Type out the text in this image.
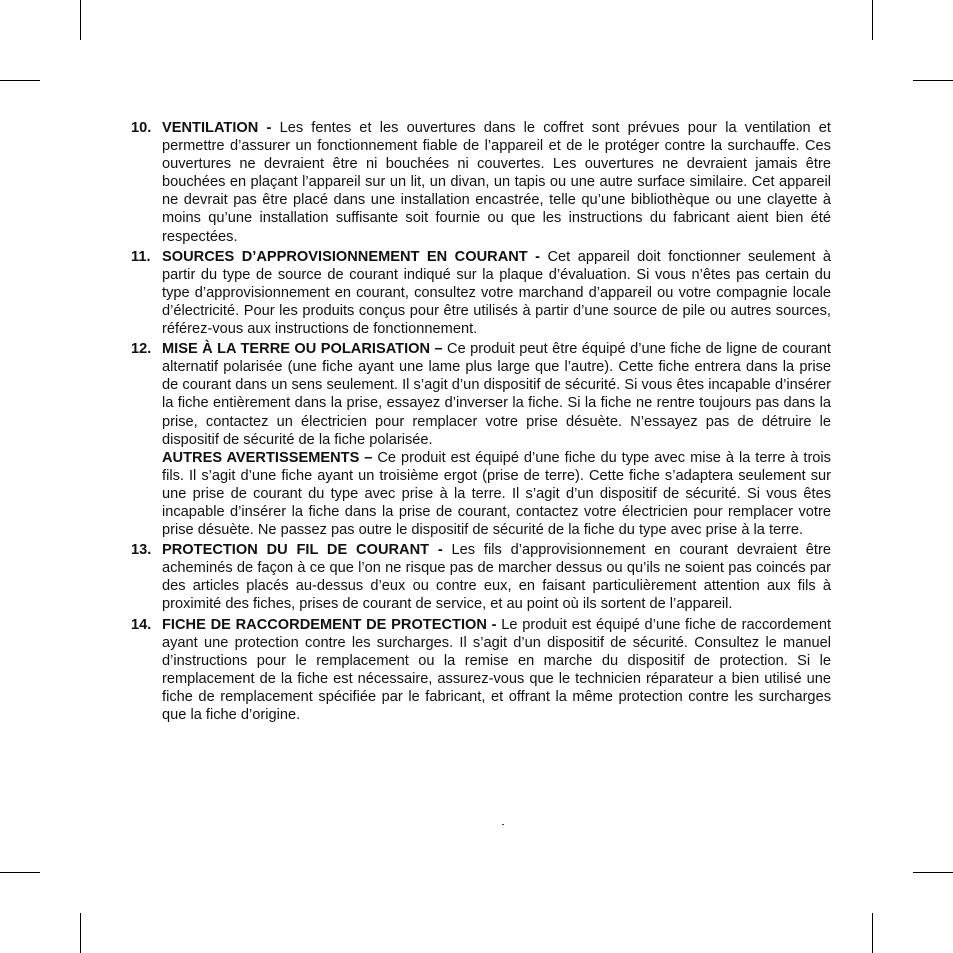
10. VENTILATION - Les fentes et les ouvertures dans le coffret sont prévues pour la ventilation et permettre d’assurer un fonctionnement fiable de l’appareil et de le protéger contre la surchauffe. Ces ouvertures ne devraient être ni bouchées ni couvertes. Les ouvertures ne devraient jamais être bouchées en plaçant l’appareil sur un lit, un divan, un tapis ou une autre surface similaire. Cet appareil ne devrait pas être placé dans une installation encastrée, telle qu’une bibliothèque ou une clayette à moins qu’une installation suffisante soit fournie ou que les instructions du fabricant aient bien été respectées.

11. SOURCES D’APPROVISIONNEMENT EN COURANT - Cet appareil doit fonctionner seulement à partir du type de source de courant indiqué sur la plaque d’évaluation. Si vous n’êtes pas certain du type d’approvisionnement en courant, consultez votre marchand d’appareil ou votre compagnie locale d’électricité. Pour les produits conçus pour être utilisés à partir d’une source de pile ou autres sources, référez-vous aux instructions de fonctionnement.

12. MISE À LA TERRE OU POLARISATION – Ce produit peut être équipé d’une fiche de ligne de courant alternatif polarisée (une fiche ayant une lame plus large que l’autre). Cette fiche entrera dans la prise de courant dans un sens seulement. Il s’agit d’un dispositif de sécurité. Si vous êtes incapable d’insérer la fiche entièrement dans la prise, essayez d’inverser la fiche. Si la fiche ne rentre toujours pas dans la prise, contactez un électricien pour remplacer votre prise désuète. N’essayez pas de détruire le dispositif de sécurité de la fiche polarisée.

AUTRES AVERTISSEMENTS – Ce produit est équipé d’une fiche du type avec mise à la terre à trois fils. Il s’agit d’une fiche ayant un troisième ergot (prise de terre). Cette fiche s’adaptera seulement sur une prise de courant du type avec prise à la terre. Il s’agit d’un dispositif de sécurité. Si vous êtes incapable d’insérer la fiche dans la prise de courant, contactez votre électricien pour remplacer votre prise désuète. Ne passez pas outre le dispositif de sécurité de la fiche du type avec prise à la terre.

13. PROTECTION DU FIL DE COURANT - Les fils d’approvisionnement en courant devraient être acheminés de façon à ce que l’on ne risque pas de marcher dessus ou qu’ils ne soient pas coincés par des articles placés au-dessus d’eux ou contre eux, en faisant particulièrement attention aux fils à proximité des fiches, prises de courant de service, et au point où ils sortent de l’appareil.

14. FICHE DE RACCORDEMENT DE PROTECTION - Le produit est équipé d’une fiche de raccordement ayant une protection contre les surcharges. Il s’agit d’un dispositif de sécurité. Consultez le manuel d’instructions pour le remplacement ou la remise en marche du dispositif de protection. Si le remplacement de la fiche est nécessaire, assurez-vous que le technicien réparateur a bien utilisé une fiche de remplacement spécifiée par le fabricant, et offrant la même protection contre les surcharges que la fiche d’origine.
